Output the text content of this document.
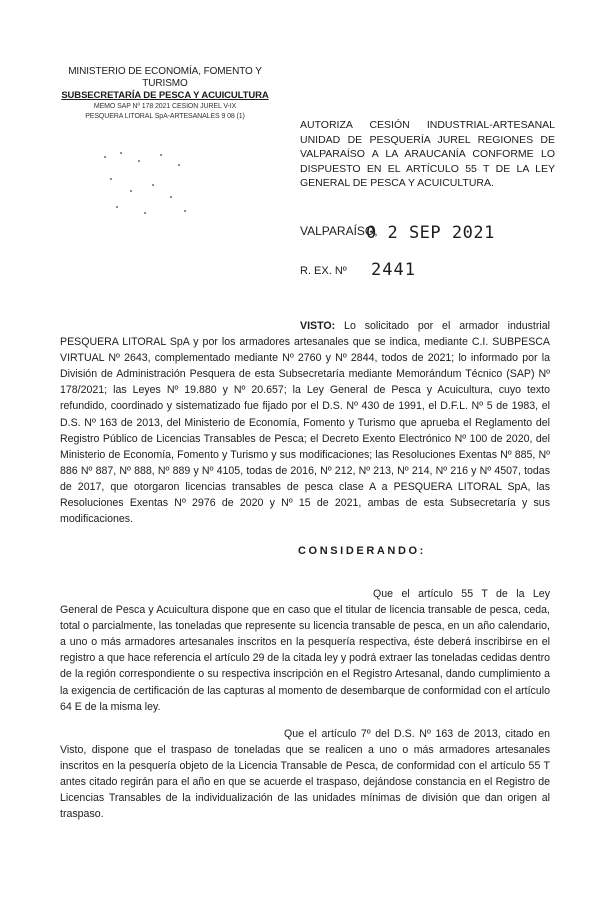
MINISTERIO DE ECONOMÍA, FOMENTO Y TURISMO
SUBSECRETARÍA DE PESCA Y ACUICULTURA
MEMO SAP Nº 178 2021 CESION JUREL V-IX
PESQUERA LITORAL SpA-ARTESANALES 9 08 (1)
AUTORIZA CESIÓN INDUSTRIAL-ARTESANAL UNIDAD DE PESQUERÍA JUREL REGIONES DE VALPARAÍSO A LA ARAUCANÍA CONFORME LO DISPUESTO EN EL ARTÍCULO 55 T DE LA LEY GENERAL DE PESCA Y ACUICULTURA.
VALPARAÍSO,
0 2 SEP 2021
R. EX. Nº 2441
VISTO: Lo solicitado por el armador industrial PESQUERA LITORAL SpA y por los armadores artesanales que se indica, mediante C.I. SUBPESCA VIRTUAL Nº 2643, complementado mediante Nº 2760 y Nº 2844, todos de 2021; lo informado por la División de Administración Pesquera de esta Subsecretaría mediante Memorándum Técnico (SAP) Nº 178/2021; las Leyes Nº 19.880 y Nº 20.657; la Ley General de Pesca y Acuicultura, cuyo texto refundido, coordinado y sistematizado fue fijado por el D.S. Nº 430 de 1991, el D.F.L. Nº 5 de 1983, el D.S. Nº 163 de 2013, del Ministerio de Economía, Fomento y Turismo que aprueba el Reglamento del Registro Público de Licencias Transables de Pesca; el Decreto Exento Electrónico Nº 100 de 2020, del Ministerio de Economía, Fomento y Turismo y sus modificaciones; las Resoluciones Exentas Nº 885, Nº 886 Nº 887, Nº 888, Nº 889 y Nº 4105, todas de 2016, Nº 212, Nº 213, Nº 214, Nº 216 y Nº 4507, todas de 2017, que otorgaron licencias transables de pesca clase A a PESQUERA LITORAL SpA, las Resoluciones Exentas Nº 2976 de 2020 y Nº 15 de 2021, ambas de esta Subsecretaría y sus modificaciones.
CONSIDERANDO:
Que el artículo 55 T de la Ley General de Pesca y Acuicultura dispone que en caso que el titular de licencia transable de pesca, ceda, total o parcialmente, las toneladas que represente su licencia transable de pesca, en un año calendario, a uno o más armadores artesanales inscritos en la pesquería respectiva, éste deberá inscribirse en el registro a que hace referencia el artículo 29 de la citada ley y podrá extraer las toneladas cedidas dentro de la región correspondiente o su respectiva inscripción en el Registro Artesanal, dando cumplimiento a la exigencia de certificación de las capturas al momento de desembarque de conformidad con el artículo 64 E de la misma ley.
Que el artículo 7º del D.S. Nº 163 de 2013, citado en Visto, dispone que el traspaso de toneladas que se realicen a uno o más armadores artesanales inscritos en la pesquería objeto de la Licencia Transable de Pesca, de conformidad con el artículo 55 T antes citado regirán para el año en que se acuerde el traspaso, dejándose constancia en el Registro de Licencias Transables de la individualización de las unidades mínimas de división que dan origen al traspaso.
